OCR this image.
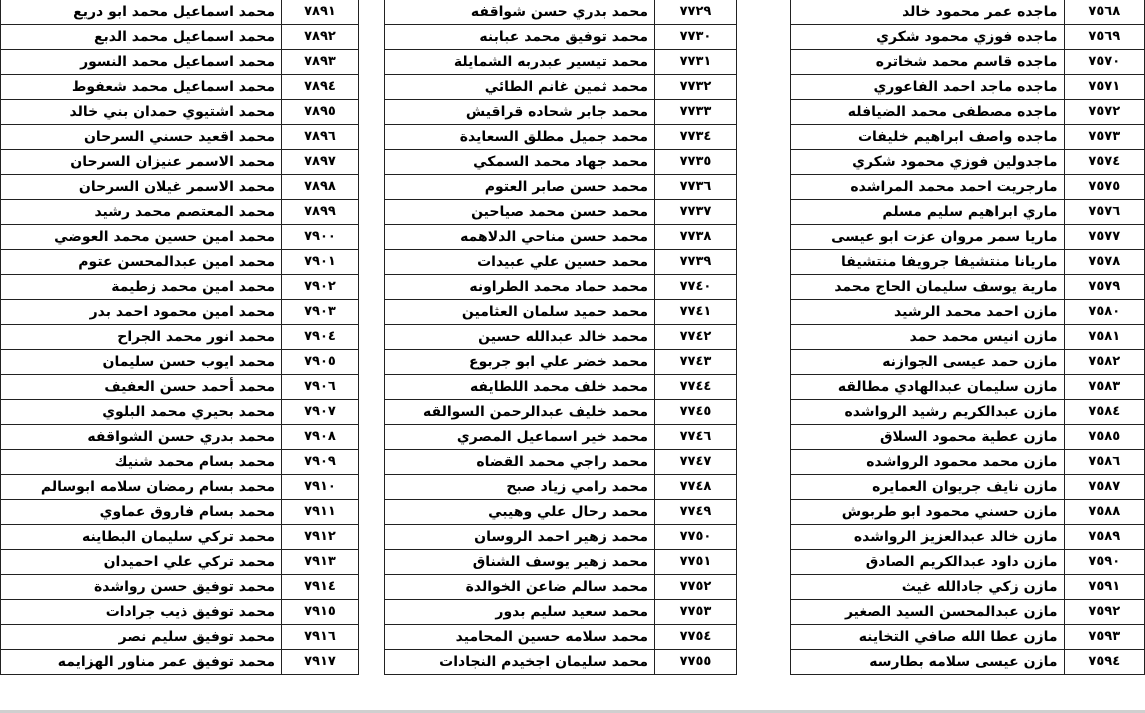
محمد اسماعيل محمد ابو دريع	٧٨٩١
محمد اسماعيل محمد الدبع	٧٨٩٢
محمد اسماعيل محمد النسور	٧٨٩٣
محمد اسماعيل محمد شعفوط	٧٨٩٤
محمد اشتيوي حمدان بني خالد	٧٨٩٥
محمد اقعيد حسني السرحان	٧٨٩٦
محمد الاسمر عنيزان السرحان	٧٨٩٧
محمد الاسمر غيلان السرحان	٧٨٩٨
محمد المعتصم محمد رشيد	٧٨٩٩
محمد امين حسين محمد العوضي	٧٩٠٠
محمد امين عبدالمحسن عتوم	٧٩٠١
محمد امين محمد زطيمة	٧٩٠٢
محمد امين محمود احمد بدر	٧٩٠٣
محمد انور محمد الجراح	٧٩٠٤
محمد ايوب حسن سليمان	٧٩٠٥
محمد أحمد حسن العفيف	٧٩٠٦
محمد بحيري محمد البلوي	٧٩٠٧
محمد بدري حسن الشواقفه	٧٩٠٨
محمد بسام محمد شنيك	٧٩٠٩
محمد بسام رمضان سلامه ابوسالم	٧٩١٠
محمد بسام فاروق عماوي	٧٩١١
محمد تركي سليمان البطاينه	٧٩١٢
محمد تركي علي احميدان	٧٩١٣
محمد توفيق حسن رواشدة	٧٩١٤
محمد توفيق ذيب جرادات	٧٩١٥
محمد توفيق سليم نصر	٧٩١٦
محمد توفيق عمر مناور الهزايمه	٧٩١٧
محمد بدري حسن شواقفه	٧٧٢٩
محمد توفيق محمد عبابنه	٧٧٣٠
محمد تيسير عبدربه الشمايلة	٧٧٣١
محمد ثمين غانم الطائي	٧٧٣٢
محمد جابر شحاده قراقيش	٧٧٣٣
محمد جميل مطلق السعايدة	٧٧٣٤
محمد جهاد محمد السمكي	٧٧٣٥
محمد حسن صابر العتوم	٧٧٣٦
محمد حسن محمد صياحين	٧٧٣٧
محمد حسن مناحي الدلاهمه	٧٧٣٨
محمد حسين علي عبيدات	٧٧٣٩
محمد حماد محمد الطراونه	٧٧٤٠
محمد حميد سلمان العثامين	٧٧٤١
محمد خالد عبدالله حسين	٧٧٤٢
محمد خضر علي ابو جربوع	٧٧٤٣
محمد خلف محمد اللطايفه	٧٧٤٤
محمد خليف عبدالرحمن السوالقه	٧٧٤٥
محمد خير اسماعيل المصري	٧٧٤٦
محمد راجي محمد القضاه	٧٧٤٧
محمد رامي زياد صبح	٧٧٤٨
محمد رحال علي وهيبي	٧٧٤٩
محمد زهير احمد الروسان	٧٧٥٠
محمد زهير يوسف الشناق	٧٧٥١
محمد سالم ضاعن الخوالدة	٧٧٥٢
محمد سعيد سليم بدور	٧٧٥٣
محمد سلامه حسين المحاميد	٧٧٥٤
محمد سليمان اجخيدم النجادات	٧٧٥٥
ماجده عمر محمود خالد	٧٥٦٨
ماجده فوزي محمود شكري	٧٥٦٩
ماجده قاسم محمد شخاتره	٧٥٧٠
ماجده ماجد احمد الفاعوري	٧٥٧١
ماجده مصطفى محمد الضيافله	٧٥٧٢
ماجده واصف ابراهيم خليفات	٧٥٧٣
ماجدولين فوزي محمود شكري	٧٥٧٤
مارجريت احمد محمد المراشده	٧٥٧٥
ماري ابراهيم سليم مسلم	٧٥٧٦
ماريا سمر مروان عزت ابو عيسى	٧٥٧٧
ماريانا منتشيفا جرويفا منتشيفا	٧٥٧٨
مارية يوسف سليمان الحاج محمد	٧٥٧٩
مازن احمد محمد الرشيد	٧٥٨٠
مازن انيس محمد حمد	٧٥٨١
مازن حمد عيسى الجوازنه	٧٥٨٢
مازن سليمان عبدالهادي مطالقه	٧٥٨٣
مازن عبدالكريم رشيد الرواشده	٧٥٨٤
مازن عطية محمود السلاق	٧٥٨٥
مازن محمد محمود الرواشده	٧٥٨٦
مازن نايف جريوان العمايره	٧٥٨٧
مازن حسني محمود ابو طربوش	٧٥٨٨
مازن خالد عبدالعزيز الرواشده	٧٥٨٩
مازن داود عبدالكريم الصادق	٧٥٩٠
مازن زكي جادالله غيث	٧٥٩١
مازن عبدالمحسن السيد الصغير	٧٥٩٢
مازن عطا الله صافي التخاينه	٧٥٩٣
مازن عيسى سلامه بطارسه	٧٥٩٤
